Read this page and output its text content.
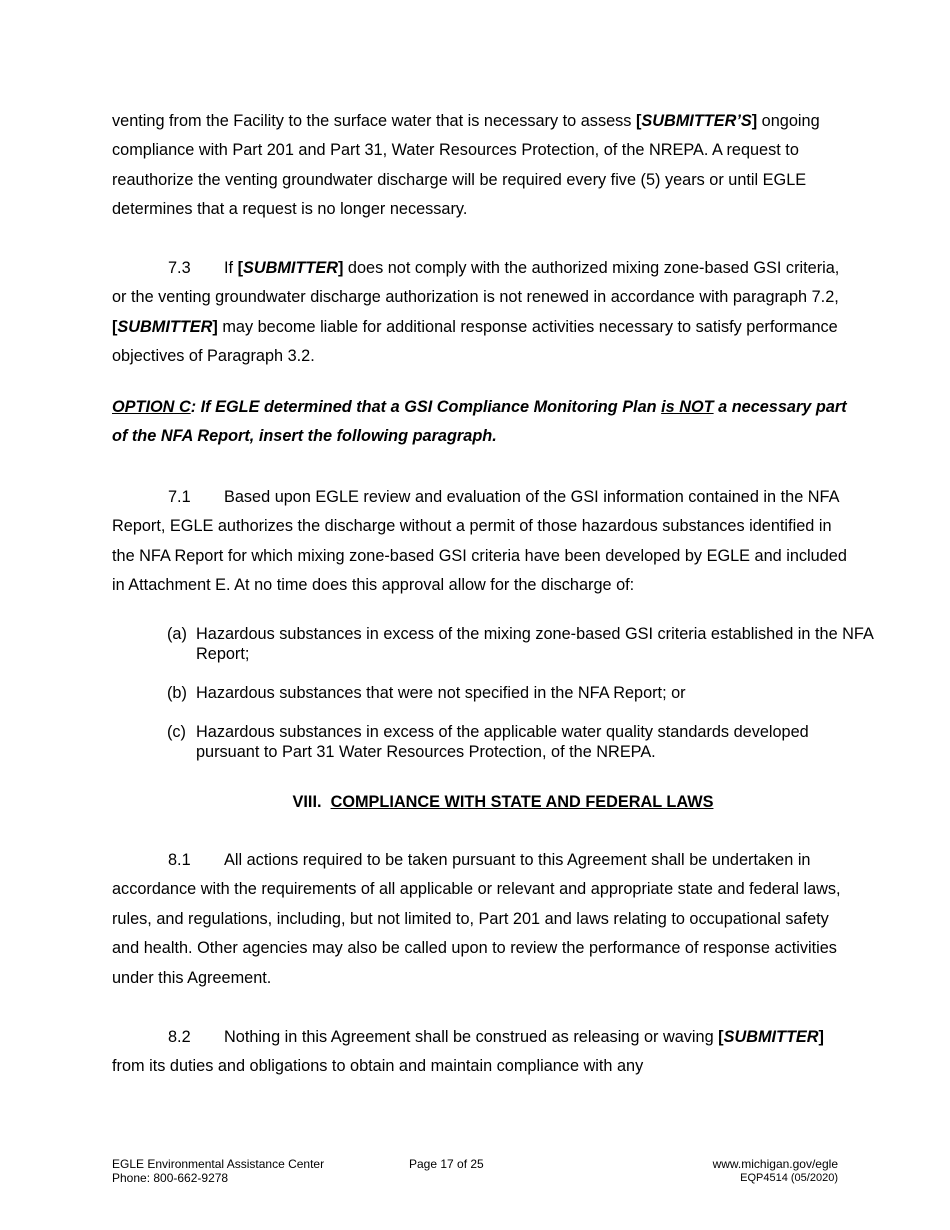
venting from the Facility to the surface water that is necessary to assess [SUBMITTER’S] ongoing compliance with Part 201 and Part 31, Water Resources Protection, of the NREPA. A request to reauthorize the venting groundwater discharge will be required every five (5) years or until EGLE determines that a request is no longer necessary.

7.3 If [SUBMITTER] does not comply with the authorized mixing zone-based GSI criteria, or the venting groundwater discharge authorization is not renewed in accordance with paragraph 7.2, [SUBMITTER] may become liable for additional response activities necessary to satisfy performance objectives of Paragraph 3.2.

OPTION C: If EGLE determined that a GSI Compliance Monitoring Plan is NOT a necessary part of the NFA Report, insert the following paragraph.

7.1 Based upon EGLE review and evaluation of the GSI information contained in the NFA Report, EGLE authorizes the discharge without a permit of those hazardous substances identified in the NFA Report for which mixing zone-based GSI criteria have been developed by EGLE and included in Attachment E. At no time does this approval allow for the discharge of:

(a) Hazardous substances in excess of the mixing zone-based GSI criteria established in the NFA Report;

(b) Hazardous substances that were not specified in the NFA Report; or

(c) Hazardous substances in excess of the applicable water quality standards developed pursuant to Part 31 Water Resources Protection, of the NREPA.

VIII. COMPLIANCE WITH STATE AND FEDERAL LAWS

8.1 All actions required to be taken pursuant to this Agreement shall be undertaken in accordance with the requirements of all applicable or relevant and appropriate state and federal laws, rules, and regulations, including, but not limited to, Part 201 and laws relating to occupational safety and health. Other agencies may also be called upon to review the performance of response activities under this Agreement.

8.2 Nothing in this Agreement shall be construed as releasing or waving [SUBMITTER] from its duties and obligations to obtain and maintain compliance with any

EGLE Environmental Assistance Center
Phone: 800-662-9278
Page 17 of 25	www.michigan.gov/egle
EQP4514 (05/2020)
